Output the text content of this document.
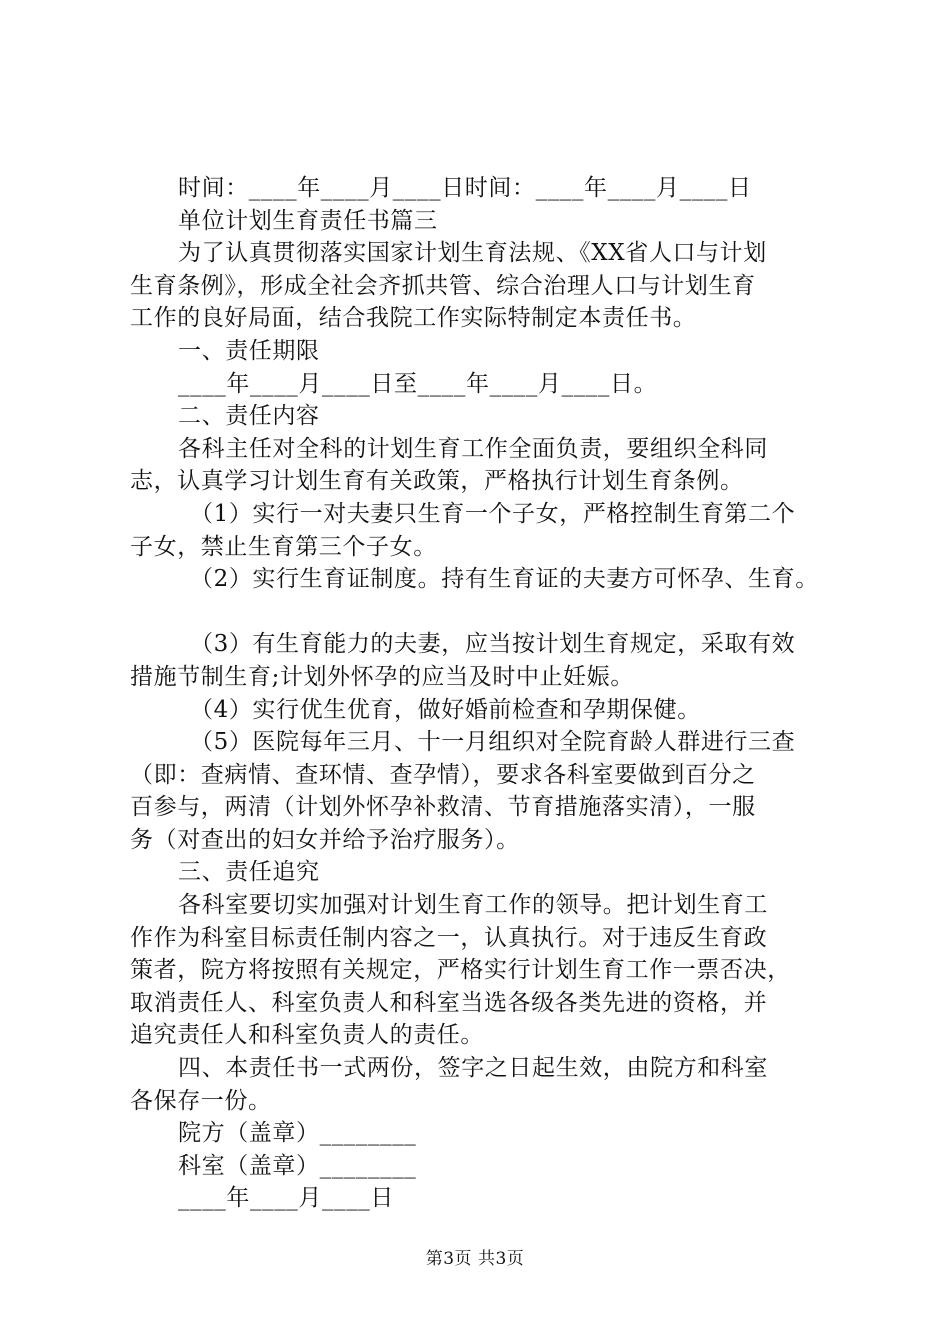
时间：____年____月____日时间：____年____月____日
单位计划生育责任书篇三
为了认真贯彻落实国家计划生育法规、《XX省人口与计划
生育条例》，形成全社会齐抓共管、综合治理人口与计划生育
工作的良好局面，结合我院工作实际特制定本责任书。
一、责任期限
____年____月____日至____年____月____日。
二、责任内容
各科主任对全科的计划生育工作全面负责，要组织全科同
志，认真学习计划生育有关政策，严格执行计划生育条例。
（1）实行一对夫妻只生育一个子女，严格控制生育第二个
子女，禁止生育第三个子女。
（2）实行生育证制度。持有生育证的夫妻方可怀孕、生育。
（3）有生育能力的夫妻，应当按计划生育规定，采取有效
措施节制生育;计划外怀孕的应当及时中止妊娠。
（4）实行优生优育，做好婚前检查和孕期保健。
（5）医院每年三月、十一月组织对全院育龄人群进行三查
（即：查病情、查环情、查孕情），要求各科室要做到百分之
百参与，两清（计划外怀孕补救清、节育措施落实清），一服
务（对查出的妇女并给予治疗服务）。
三、责任追究
各科室要切实加强对计划生育工作的领导。把计划生育工
作作为科室目标责任制内容之一，认真执行。对于违反生育政
策者，院方将按照有关规定，严格实行计划生育工作一票否决，
取消责任人、科室负责人和科室当选各级各类先进的资格，并
追究责任人和科室负责人的责任。
四、本责任书一式两份，签字之日起生效，由院方和科室
各保存一份。
院方（盖章）________
科室（盖章）________
____年____月____日
第3页 共3页
